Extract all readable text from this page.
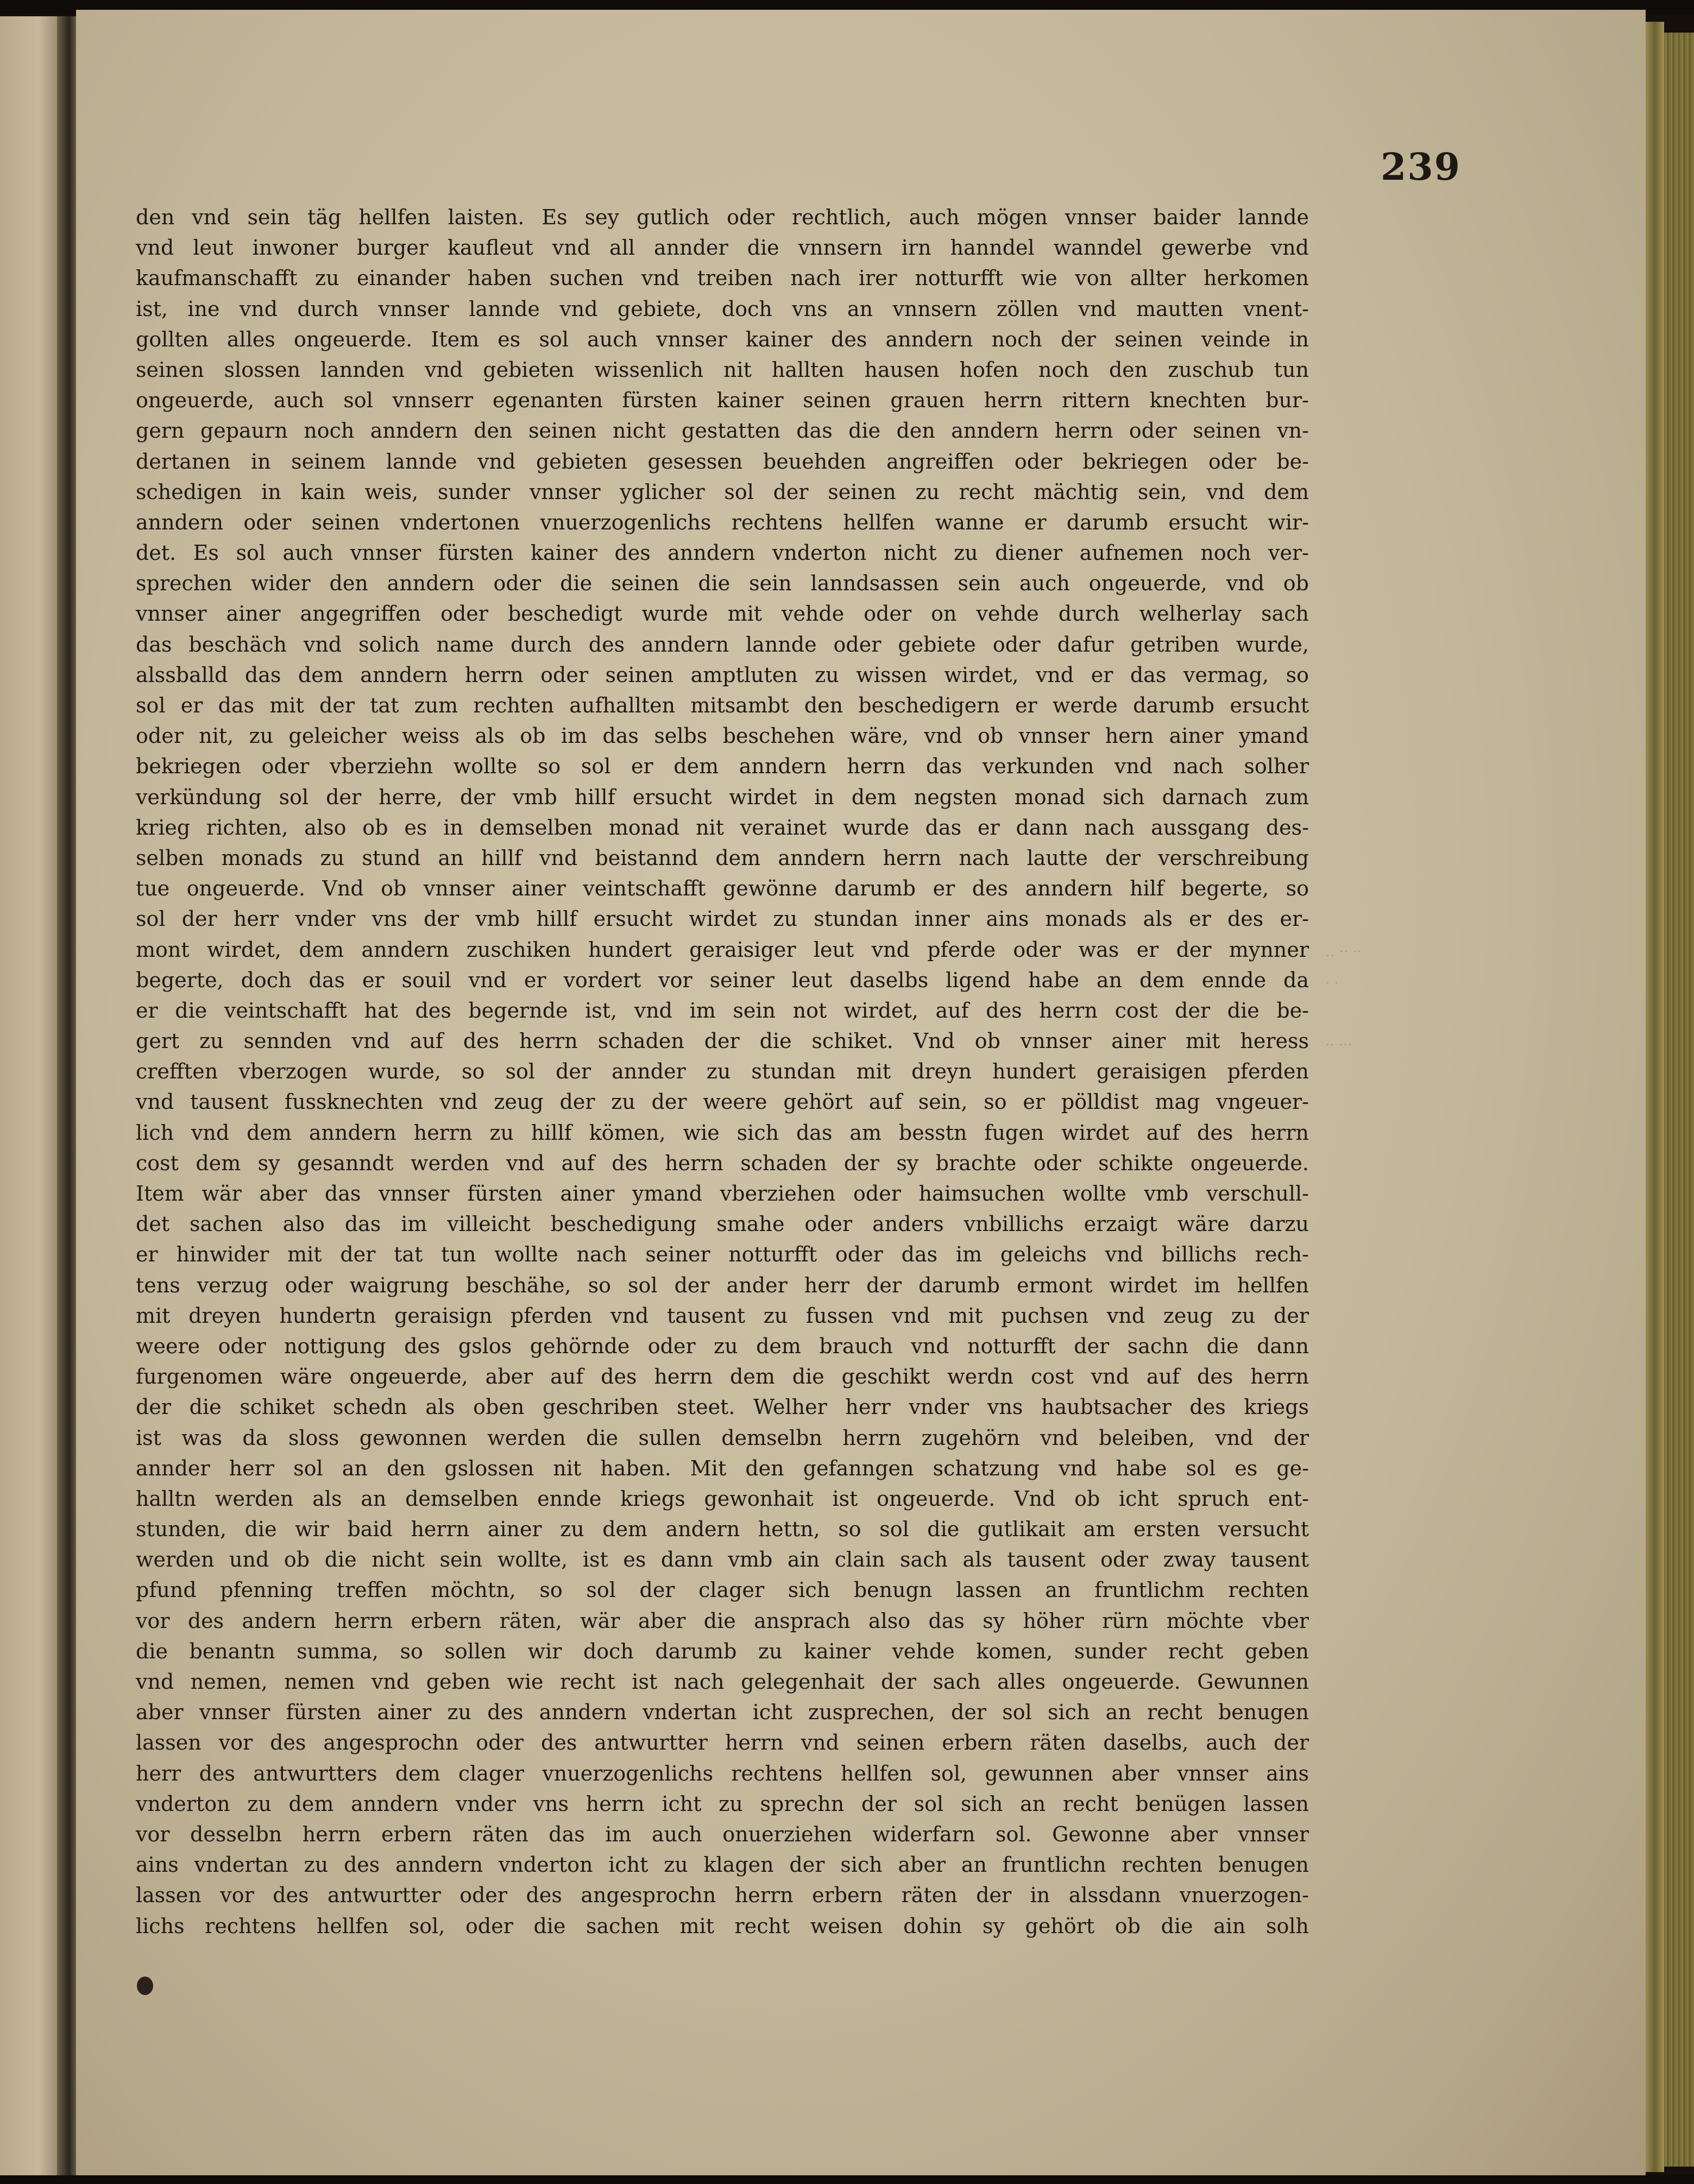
239
den vnd sein täg hellfen laisten. Es sey gutlich oder rechtlich, auch mögen vnnser baider lannde
vnd leut inwoner burger kaufleut vnd all annder die vnnsern irn hanndel wanndel gewerbe vnd
kaufmanschafft zu einander haben suchen vnd treiben nach irer notturfft wie von allter herkomen
ist, ine vnd durch vnnser lannde vnd gebiete, doch vns an vnnsern zöllen vnd mautten vnent-
gollten alles ongeuerde. Item es sol auch vnnser kainer des anndern noch der seinen veinde in
seinen slossen lannden vnd gebieten wissenlich nit hallten hausen hofen noch den zuschub tun
ongeuerde, auch sol vnnserr egenanten fürsten kainer seinen grauen herrn rittern knechten bur-
gern gepaurn noch anndern den seinen nicht gestatten das die den anndern herrn oder seinen vn-
dertanen in seinem lannde vnd gebieten gesessen beuehden angreiffen oder bekriegen oder be-
schedigen in kain weis, sunder vnnser yglicher sol der seinen zu recht mächtig sein, vnd dem
anndern oder seinen vndertonen vnuerzogenlichs rechtens hellfen wanne er darumb ersucht wir-
det. Es sol auch vnnser fürsten kainer des anndern vnderton nicht zu diener aufnemen noch ver-
sprechen wider den anndern oder die seinen die sein lanndsassen sein auch ongeuerde, vnd ob
vnnser ainer angegriffen oder beschedigt wurde mit vehde oder on vehde durch welherlay sach
das beschäch vnd solich name durch des anndern lannde oder gebiete oder dafur getriben wurde,
alssballd das dem anndern herrn oder seinen amptluten zu wissen wirdet, vnd er das vermag, so
sol er das mit der tat zum rechten aufhallten mitsambt den beschedigern er werde darumb ersucht
oder nit, zu geleicher weiss als ob im das selbs beschehen wäre, vnd ob vnnser hern ainer ymand
bekriegen oder vberziehn wollte so sol er dem anndern herrn das verkunden vnd nach solher
verkündung sol der herre, der vmb hillf ersucht wirdet in dem negsten monad sich darnach zum
krieg richten, also ob es in demselben monad nit verainet wurde das er dann nach aussgang des-
selben monads zu stund an hillf vnd beistannd dem anndern herrn nach lautte der verschreibung
tue ongeuerde. Vnd ob vnnser ainer veintschafft gewönne darumb er des anndern hilf begerte, so
sol der herr vnder vns der vmb hillf ersucht wirdet zu stundan inner ains monads als er des er-
mont wirdet, dem anndern zuschiken hundert geraisiger leut vnd pferde oder was er der mynner
begerte, doch das er souil vnd er vordert vor seiner leut daselbs ligend habe an dem ennde da
er die veintschafft hat des begernde ist, vnd im sein not wirdet, auf des herrn cost der die be-
gert zu sennden vnd auf des herrn schaden der die schiket. Vnd ob vnnser ainer mit heress
crefften vberzogen wurde, so sol der annder zu stundan mit dreyn hundert geraisigen pferden
vnd tausent fussknechten vnd zeug der zu der weere gehört auf sein, so er pölldist mag vngeuer-
lich vnd dem anndern herrn zu hillf kömen, wie sich das am besstn fugen wirdet auf des herrn
cost dem sy gesanndt werden vnd auf des herrn schaden der sy brachte oder schikte ongeuerde.
Item wär aber das vnnser fürsten ainer ymand vberziehen oder haimsuchen wollte vmb verschull-
det sachen also das im villeicht beschedigung smahe oder anders vnbillichs erzaigt wäre darzu
er hinwider mit der tat tun wollte nach seiner notturfft oder das im geleichs vnd billichs rech-
tens verzug oder waigrung beschähe, so sol der ander herr der darumb ermont wirdet im hellfen
mit dreyen hundertn geraisign pferden vnd tausent zu fussen vnd mit puchsen vnd zeug zu der
weere oder nottigung des gslos gehörnde oder zu dem brauch vnd notturfft der sachn die dann
furgenomen wäre ongeuerde, aber auf des herrn dem die geschikt werdn cost vnd auf des herrn
der die schiket schedn als oben geschriben steet. Welher herr vnder vns haubtsacher des kriegs
ist was da sloss gewonnen werden die sullen demselbn herrn zugehörn vnd beleiben, vnd der
annder herr sol an den gslossen nit haben. Mit den gefanngen schatzung vnd habe sol es ge-
halltn werden als an demselben ennde kriegs gewonhait ist ongeuerde. Vnd ob icht spruch ent-
stunden, die wir baid herrn ainer zu dem andern hettn, so sol die gutlikait am ersten versucht
werden und ob die nicht sein wollte, ist es dann vmb ain clain sach als tausent oder zway tausent
pfund pfenning treffen möchtn, so sol der clager sich benugn lassen an fruntlichm rechten
vor des andern herrn erbern räten, wär aber die ansprach also das sy höher rürn möchte vber
die benantn summa, so sollen wir doch darumb zu kainer vehde komen, sunder recht geben
vnd nemen, nemen vnd geben wie recht ist nach gelegenhait der sach alles ongeuerde. Gewunnen
aber vnnser fürsten ainer zu des anndern vndertan icht zusprechen, der sol sich an recht benugen
lassen vor des angesprochn oder des antwurtter herrn vnd seinen erbern räten daselbs, auch der
herr des antwurtters dem clager vnuerzogenlichs rechtens hellfen sol, gewunnen aber vnnser ains
vnderton zu dem anndern vnder vns herrn icht zu sprechn der sol sich an recht benügen lassen
vor desselbn herrn erbern räten das im auch onuerziehen widerfarn sol. Gewonne aber vnnser
ains vndertan zu des anndern vnderton icht zu klagen der sich aber an fruntlichn rechten benugen
lassen vor des antwurtter oder des angesprochn herrn erbern räten der in alssdann vnuerzogen-
lichs rechtens hellfen sol, oder die sachen mit recht weisen dohin sy gehört ob die ain solh
‥ ·· ··
· ·
·· ···
